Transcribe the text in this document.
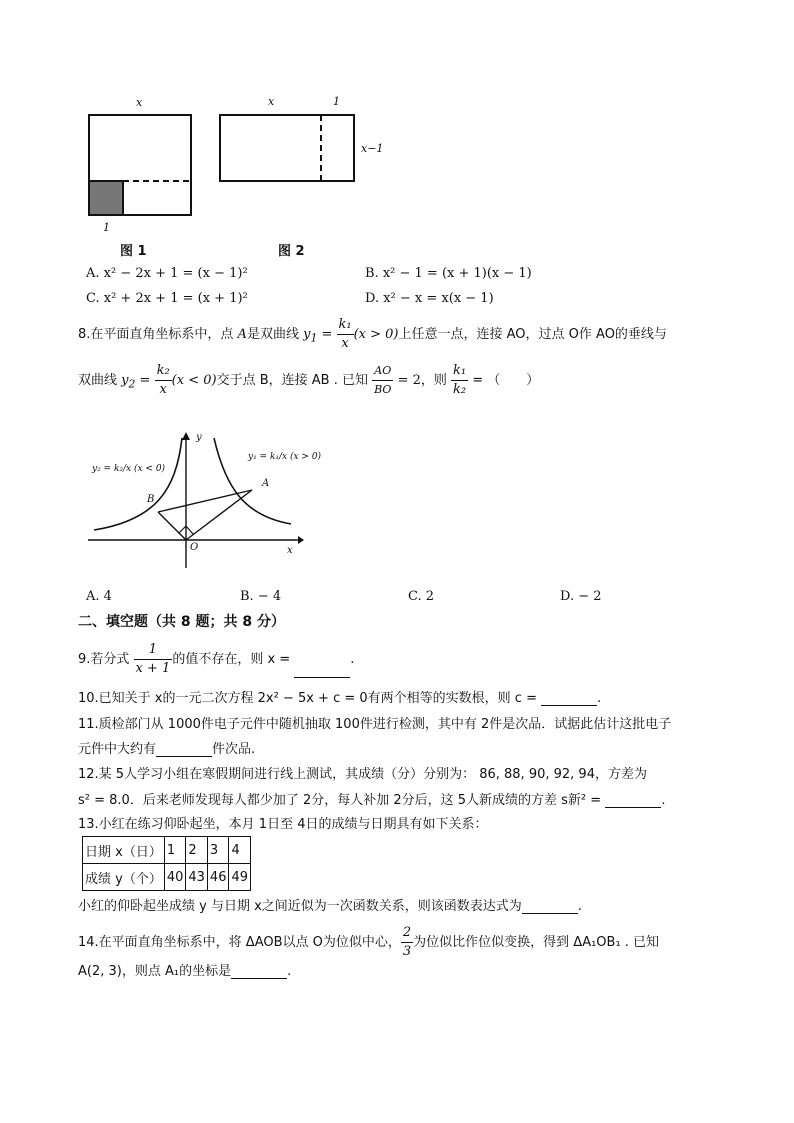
x
1
图 1
x	1
x−1
图 2
A. x² − 2x + 1 = (x − 1)²	B. x² − 1 = (x + 1)(x − 1)
C. x² + 2x + 1 = (x + 1)²	D. x² − x = x(x − 1)
8.在平面直角坐标系中，点 A是双曲线 $y_1 = \frac{\text{k₁}}{x} (x > 0)$上任意一点，连接 AO，过点 O作 AO的垂线与
双曲线 $y_2 = \frac{\text{k₂}}{x} (x < 0)$交于点 B，连接 AB . 已知 $\frac{AO}{BO} = 2$，则 $\frac{\text{k₁}}{\text{k₂}}$ = （　　）
y₂ = k₂/x (x < 0)
y₁ = k₁/x (x > 0)
B
A
O	x
y
A. 4	B. − 4	C. 2	D. − 2
二、填空题（共 8 题；共 8 分）
9.若分式 $\frac{1}{x + 1}$ 的值不存在，则 x =	.
10.已知关于 x的一元二次方程 2x² − 5x + c = 0有两个相等的实数根，则 c =	.
11.质检部门从 1000件电子元件中随机抽取 100件进行检测，其中有 2件是次品．试据此估计这批电子
元件中大约有	件次品.
12.某 5人学习小组在寒假期间进行线上测试，其成绩（分）分别为： 86, 88, 90, 92, 94，方差为
s² = 8.0．后来老师发现每人都少加了 2分，每人补加 2分后，这 5人新成绩的方差 s新² =	.
13.小红在练习仰卧起坐，本月 1日至 4日的成绩与日期具有如下关系：
日期 x（日）	1	2	3	4
成绩 y（个）	40	43	46	49
小红的仰卧起坐成绩 y 与日期 x之间近似为一次函数关系，则该函数表达式为	.
14.在平面直角坐标系中，将 ΔAOB以点 O为位似中心， $\frac{2}{3}$ 为位似比作位似变换，得到 ΔA₁OB₁ . 已知
A(2, 3)，则点 A₁的坐标是	.
